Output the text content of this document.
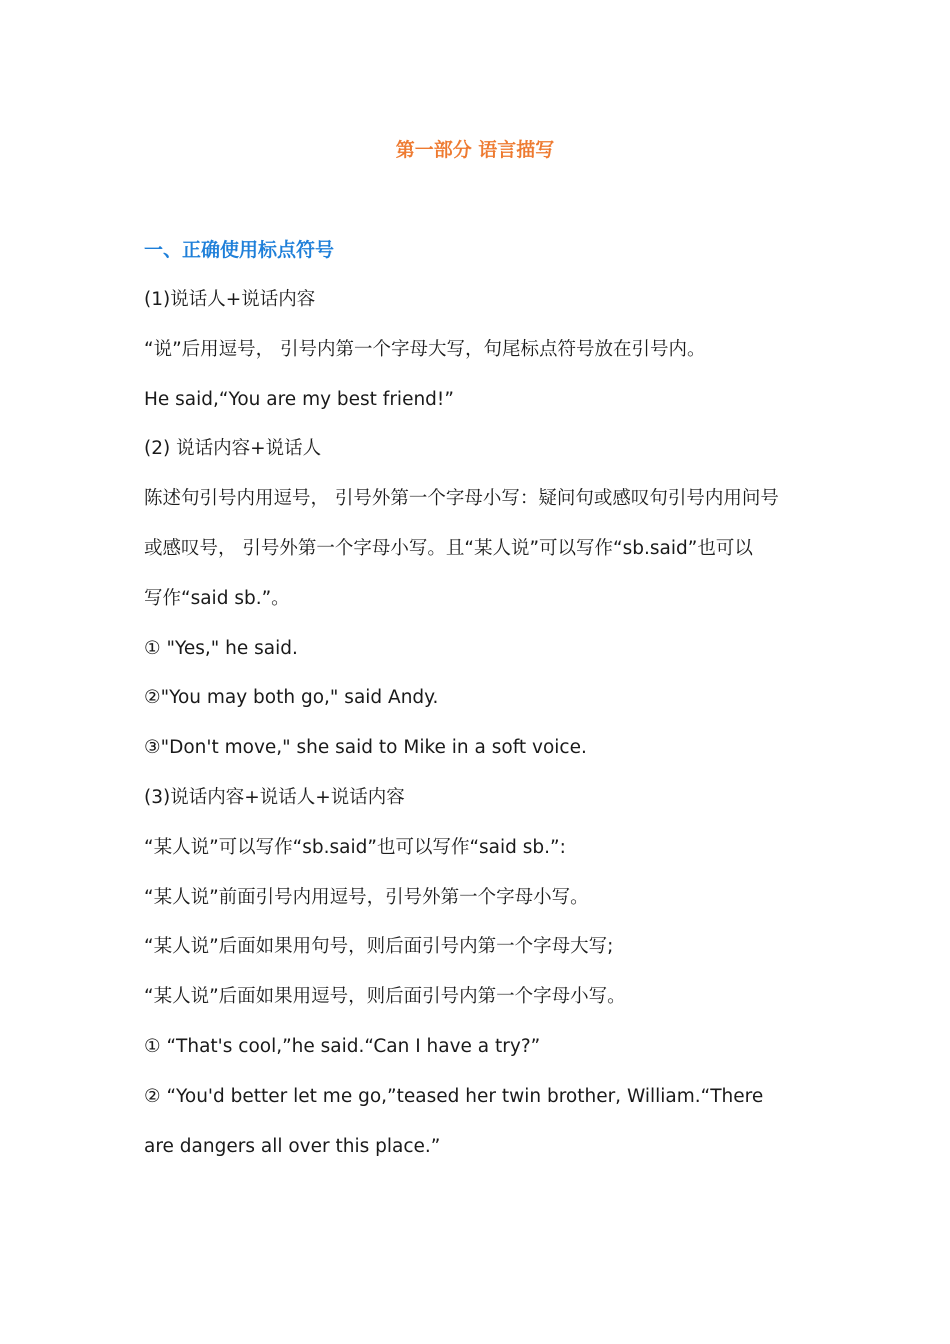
第一部分 语言描写
一、正确使用标点符号

(1)说话人+说话内容

“说”后用逗号， 引号内第一个字母大写，句尾标点符号放在引号内。

He said,“You are my best friend!”

(2) 说话内容+说话人

陈述句引号内用逗号， 引号外第一个字母小写：疑问句或感叹句引号内用问号

或感叹号， 引号外第一个字母小写。且“某人说”可以写作“sb.said”也可以

写作“said sb.”。

① "Yes," he said.

②"You may both go," said Andy.

③"Don't move," she said to Mike in a soft voice.

(3)说话内容+说话人+说话内容

“某人说”可以写作“sb.said”也可以写作“said sb.”:

“某人说”前面引号内用逗号，引号外第一个字母小写。

“某人说”后面如果用句号，则后面引号内第一个字母大写;

“某人说”后面如果用逗号，则后面引号内第一个字母小写。

① “That's cool,”he said.“Can I have a try?”

② “You'd better let me go,”teased her twin brother, William.“There

are dangers all over this place.”
